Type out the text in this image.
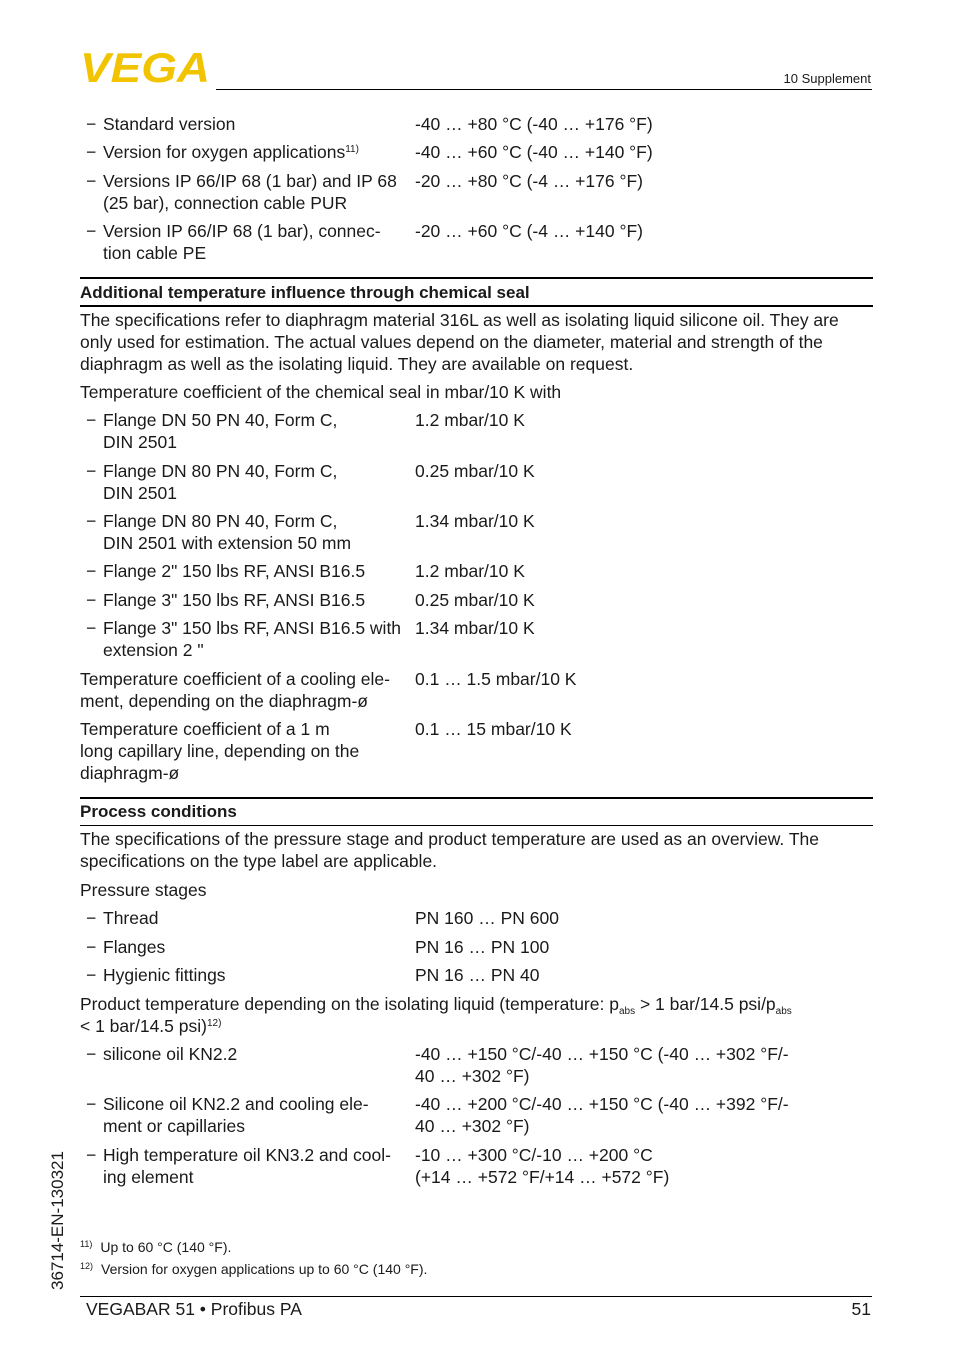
VEGA	10 Supplement
− Standard version	-40 … +80 °C (-40 … +176 °F)
− Version for oxygen applications$^{11)}$	-40 … +60 °C (-40 … +140 °F)
− Versions IP 66/IP 68 (1 bar) and IP 68
(25 bar), connection cable PUR
-20 … +80 °C (-4 … +176 °F)
− Version IP 66/IP 68 (1 bar), connec-
tion cable PE
-20 … +60 °C (-4 … +140 °F)
Additional temperature influence through chemical seal
The specifications refer to diaphragm material 316L as well as isolating liquid silicone oil. They are
only used for estimation. The actual values depend on the diameter, material and strength of the
diaphragm as well as the isolating liquid. They are available on request.
Temperature coefficient of the chemical seal in mbar/10 K with
− Flange DN 50 PN 40, Form C,
DIN 2501
1.2 mbar/10 K
− Flange DN 80 PN 40, Form C,
DIN 2501
0.25 mbar/10 K
− Flange DN 80 PN 40, Form C,
DIN 2501 with extension 50 mm
1.34 mbar/10 K
− Flange 2" 150 lbs RF, ANSI B16.5	1.2 mbar/10 K
− Flange 3" 150 lbs RF, ANSI B16.5	0.25 mbar/10 K
− Flange 3" 150 lbs RF, ANSI B16.5 with
extension 2 "
1.34 mbar/10 K
Temperature coefficient of a cooling ele-
ment, depending on the diaphragm-ø
0.1 … 1.5 mbar/10 K
Temperature coefficient of a 1 m
long capillary line, depending on the
diaphragm-ø
0.1 … 15 mbar/10 K
Process conditions
The specifications of the pressure stage and product temperature are used as an overview. The
specifications on the type label are applicable.
Pressure stages
− Thread	PN 160 … PN 600
− Flanges	PN 16 … PN 100
− Hygienic fittings	PN 16 … PN 40
Product temperature depending on the isolating liquid (temperature: $p_{abs} > 1$ bar/14.5 psi/$p_{abs}$
< 1 bar/14.5 psi)$^{12)}$
− silicone oil KN2.2	-40 … +150 °C/-40 … +150 °C (-40 … +302 °F/-
40 … +302 °F)
− Silicone oil KN2.2 and cooling ele-
ment or capillaries
-40 … +200 °C/-40 … +150 °C (-40 … +392 °F/-
40 … +302 °F)
− High temperature oil KN3.2 and cool-
ing element
-10 … +300 °C/-10 … +200 °C
(+14 … +572 °F/+14 … +572 °F)
$^{11)}$ Up to 60 °C (140 °F).
$^{12)}$ Version for oxygen applications up to 60 °C (140 °F).
36714-EN-130321
VEGABAR 51 • Profibus PA	51
